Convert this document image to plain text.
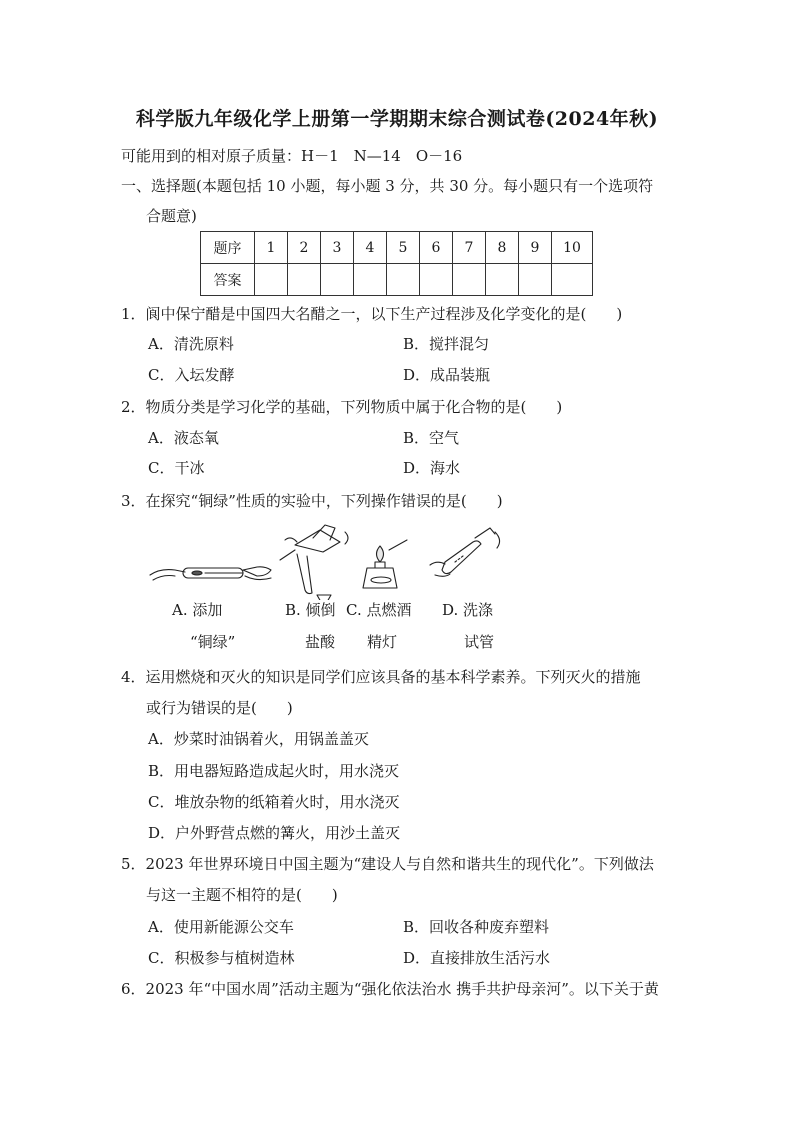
科学版九年级化学上册第一学期期末综合测试卷(2024年秋)
可能用到的相对原子质量：H－1　N—14　O－16
一、选择题(本题包括 10 小题，每小题 3 分，共 30 分。每小题只有一个选项符
合题意)
题序	1	2	3	4	5	6	7	8	9	10
答案										
1．阆中保宁醋是中国四大名醋之一，以下生产过程涉及化学变化的是(　　)
A．清洗原料	B．搅拌混匀
C．入坛发酵	D．成品装瓶
2．物质分类是学习化学的基础，下列物质中属于化合物的是(　　)
A．液态氧	B．空气
C．干冰	D．海水
3．在探究“铜绿”性质的实验中，下列操作错误的是(　　)
A. 添加
“铜绿”
B. 倾倒
盐酸
C. 点燃酒
精灯
D. 洗涤
试管
4．运用燃烧和灭火的知识是同学们应该具备的基本科学素养。下列灭火的措施
或行为错误的是(　　)
A．炒菜时油锅着火，用锅盖盖灭
B．用电器短路造成起火时，用水浇灭
C．堆放杂物的纸箱着火时，用水浇灭
D．户外野营点燃的篝火，用沙土盖灭
5．2023 年世界环境日中国主题为“建设人与自然和谐共生的现代化”。下列做法
与这一主题不相符的是(　　)
A．使用新能源公交车	B．回收各种废弃塑料
C．积极参与植树造林	D．直接排放生活污水
6．2023 年“中国水周”活动主题为“强化依法治水 携手共护母亲河”。以下关于黄
